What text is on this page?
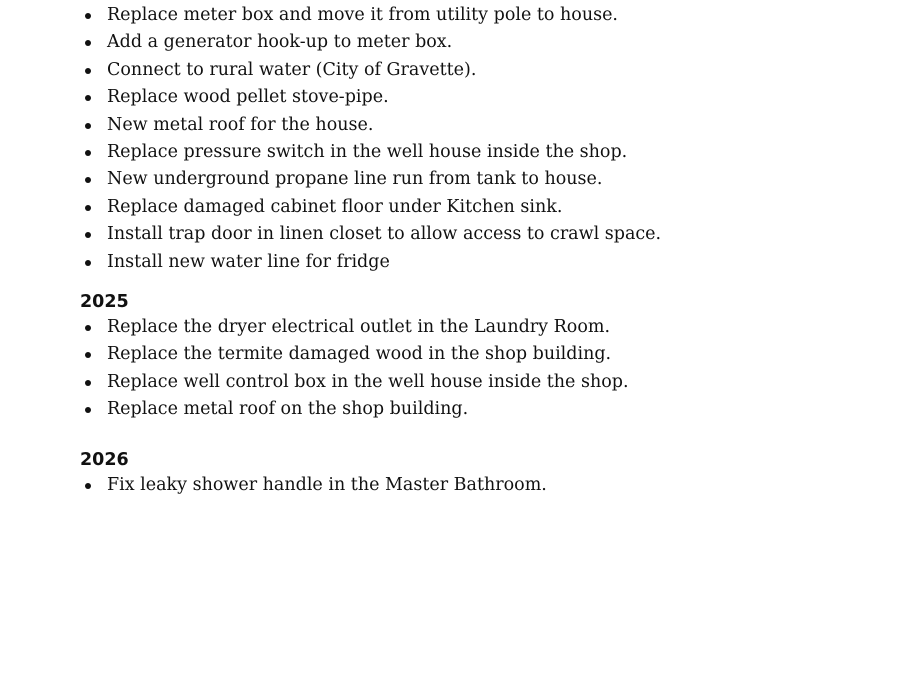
Replace meter box and move it from utility pole to house.
Add a generator hook-up to meter box.
Connect to rural water (City of Gravette).
Replace wood pellet stove-pipe.
New metal roof for the house.
Replace pressure switch in the well house inside the shop.
New underground propane line run from tank to house.
Replace damaged cabinet floor under Kitchen sink.
Install trap door in linen closet to allow access to crawl space.
Install new water line for fridge
2025
Replace the dryer electrical outlet in the Laundry Room.
Replace the termite damaged wood in the shop building.
Replace well control box in the well house inside the shop.
Replace metal roof on the shop building.
2026
Fix leaky shower handle in the Master Bathroom.
